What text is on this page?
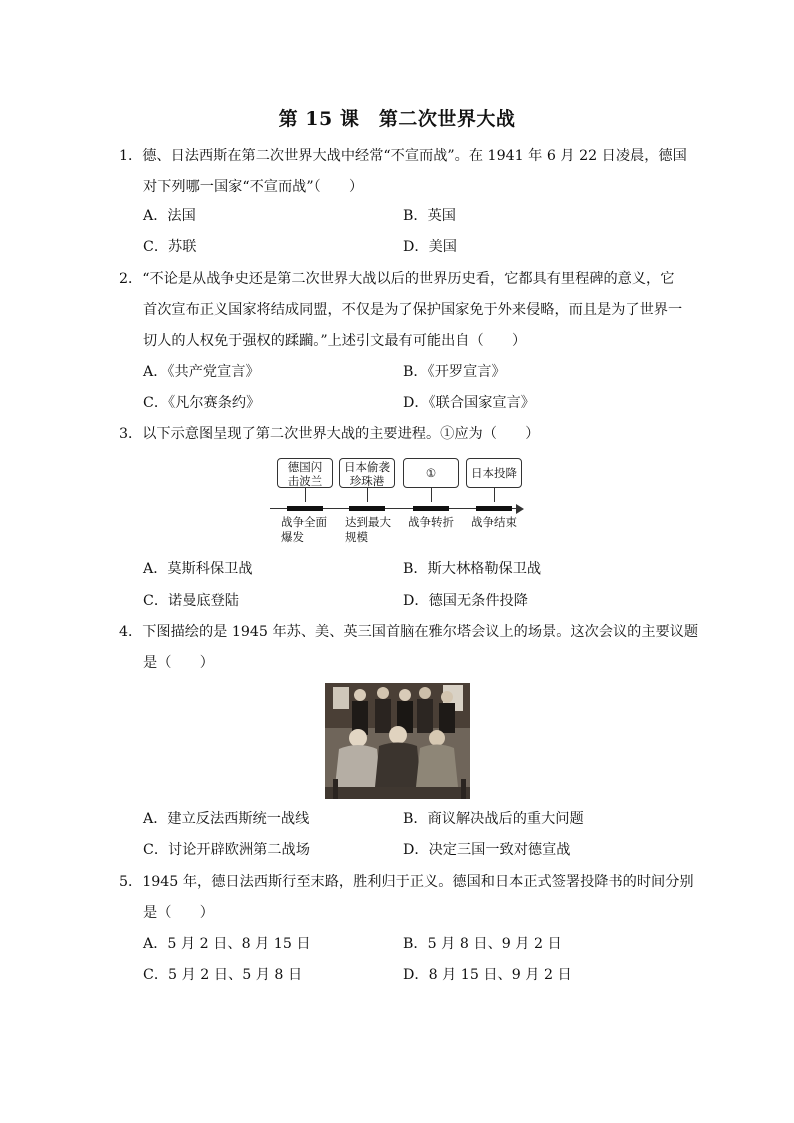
第 15 课　第二次世界大战
1．德、日法西斯在第二次世界大战中经常“不宣而战”。在 1941 年 6 月 22 日凌晨，德国
对下列哪一国家“不宣而战”（　　）
A．法国	B．英国
C．苏联	D．美国
2．“不论是从战争史还是第二次世界大战以后的世界历史看，它都具有里程碑的意义，它
首次宣布正义国家将结成同盟，不仅是为了保护国家免于外来侵略，而且是为了世界一
切人的人权免于强权的蹂躏。”上述引文最有可能出自（　　）
A．《共产党宣言》	B．《开罗宣言》
C．《凡尔赛条约》	D．《联合国家宣言》
3．以下示意图呈现了第二次世界大战的主要进程。①应为（　　）
德国闪
击波兰
日本偷袭
珍珠港
①	日本投降
战争全面
爆发
达到最大
规模
战争转折 战争结束
A．莫斯科保卫战	B．斯大林格勒保卫战
C．诺曼底登陆	D．德国无条件投降
4．下图描绘的是 1945 年苏、美、英三国首脑在雅尔塔会议上的场景。这次会议的主要议题
是（　　）
A．建立反法西斯统一战线	B．商议解决战后的重大问题
C．讨论开辟欧洲第二战场	D．决定三国一致对德宣战
5．1945 年，德日法西斯行至末路，胜利归于正义。德国和日本正式签署投降书的时间分别
是（　　）
A．5 月 2 日、8 月 15 日	B．5 月 8 日、9 月 2 日
C．5 月 2 日、5 月 8 日	D．8 月 15 日、9 月 2 日
